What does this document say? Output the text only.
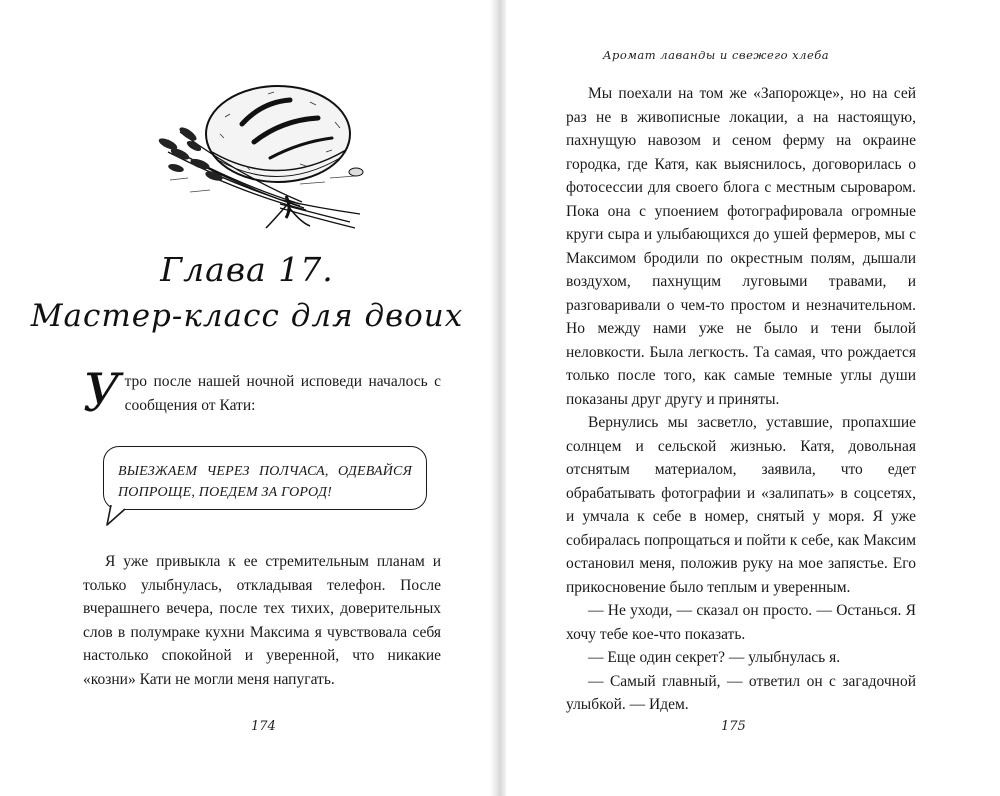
Глава 17.
Мастер-класс для двоих
У тро после нашей ночной исповеди началось с сообщения от Кати:
ВЫЕЗЖАЕМ ЧЕРЕЗ ПОЛЧАСА, ОДЕВАЙСЯ ПОПРОЩЕ, ПОЕДЕМ ЗА ГОРОД!

Я уже привыкла к ее стремительным планам и только улыбнулась, откладывая телефон. После вчерашнего вечера, после тех тихих, доверительных слов в полумраке кухни Максима я чувствовала себя настолько спокойной и уверенной, что никакие «козни» Кати не могли меня напугать.

174
Аромат лаванды и свежего хлеба

Мы поехали на том же «Запорожце», но на сей раз не в живописные локации, а на настоящую, пахнущую навозом и сеном ферму на окраине городка, где Катя, как выяснилось, договорилась о фотосессии для своего блога с местным сыроваром. Пока она с упоением фотографировала огромные круги сыра и улыбающихся до ушей фермеров, мы с Максимом бродили по окрестным полям, дышали воздухом, пахнущим луговыми травами, и разговаривали о чем-то простом и незначительном. Но между нами уже не было и тени былой неловкости. Была легкость. Та самая, что рождается только после того, как самые темные углы души показаны друг другу и приняты.

Вернулись мы засветло, уставшие, пропахшие солнцем и сельской жизнью. Катя, довольная отснятым материалом, заявила, что едет обрабатывать фотографии и «залипать» в соцсетях, и умчала к себе в номер, снятый у моря. Я уже собиралась попрощаться и пойти к себе, как Максим остановил меня, положив руку на мое запястье. Его прикосновение было теплым и уверенным.

— Не уходи, — сказал он просто. — Останься. Я хочу тебе кое-что показать.

— Еще один секрет? — улыбнулась я.

— Самый главный, — ответил он с загадочной улыбкой. — Идем.

175
